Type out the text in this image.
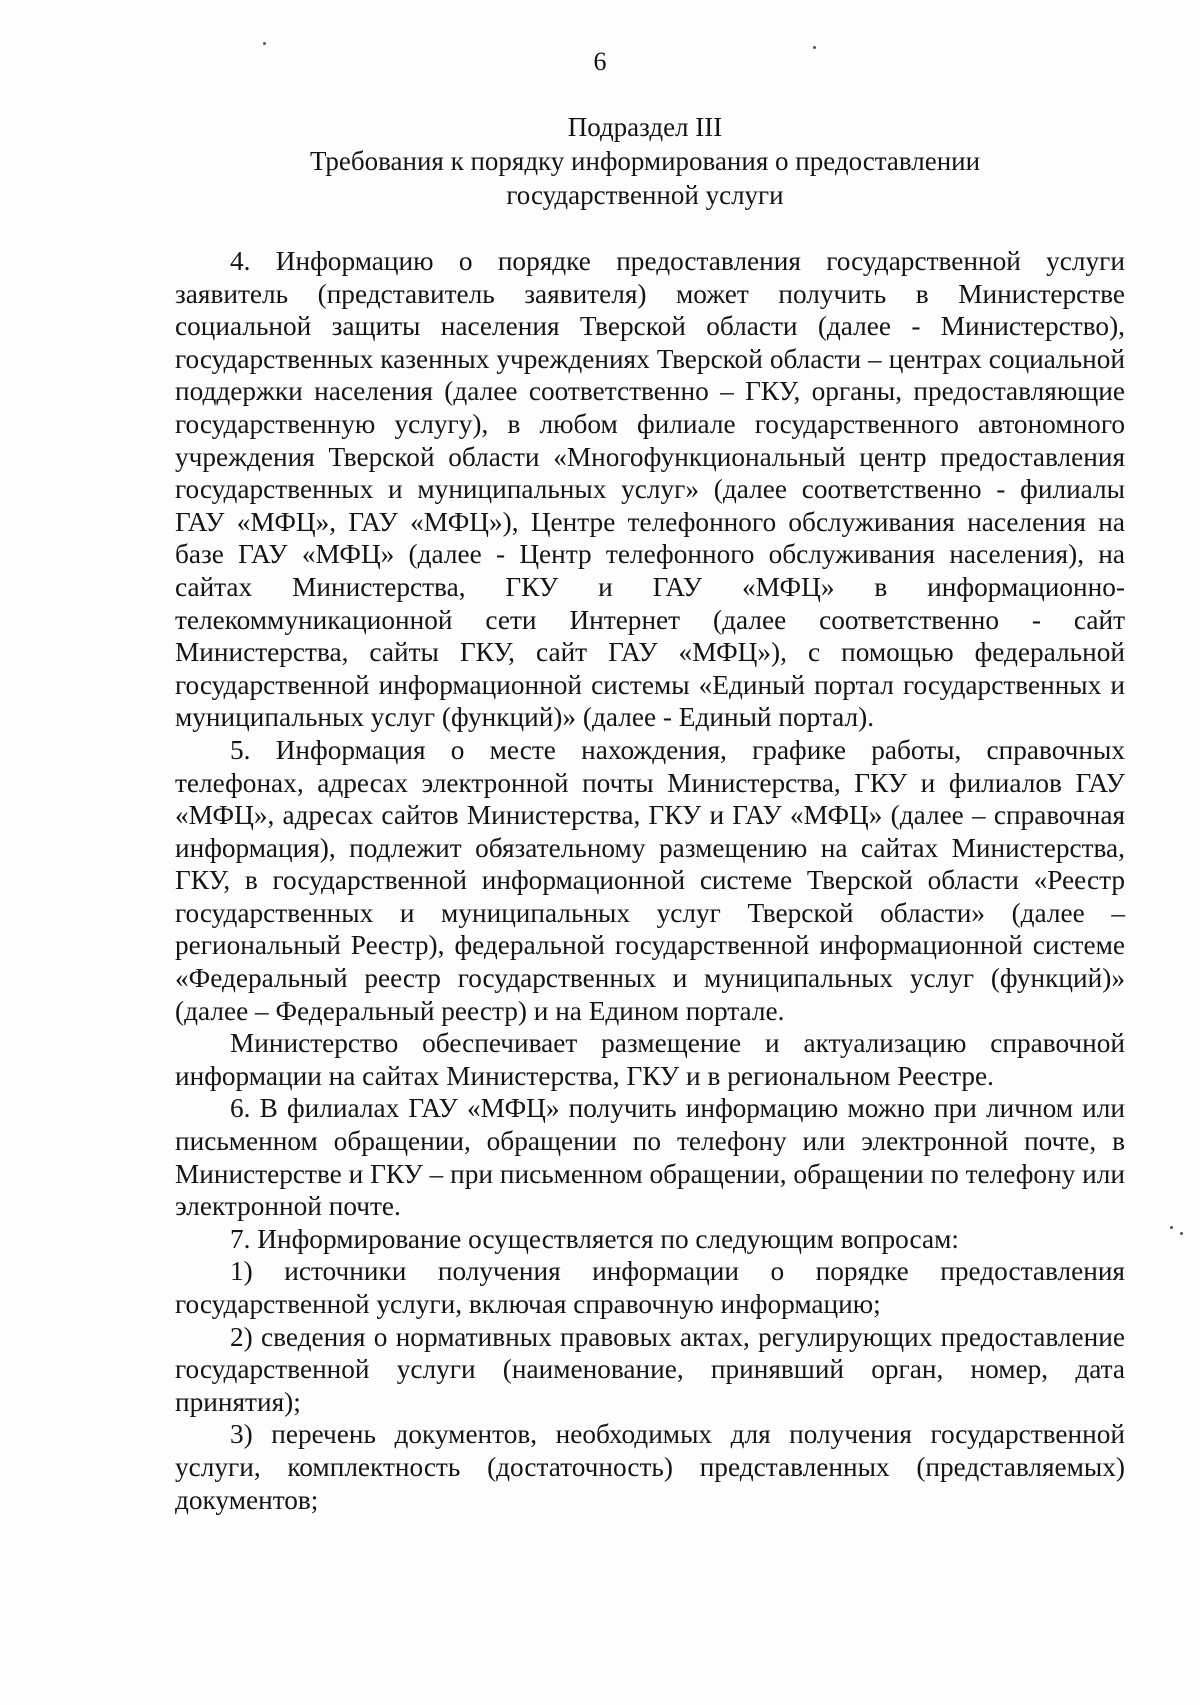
6
Подраздел III
Требования к порядку информирования о предоставлении
государственной услуги

4. Информацию о порядке предоставления государственной услуги заявитель (представитель заявителя) может получить в Министерстве социальной защиты населения Тверской области (далее - Министерство), государственных казенных учреждениях Тверской области – центрах социальной поддержки населения (далее соответственно – ГКУ, органы, предоставляющие государственную услугу), в любом филиале государственного автономного учреждения Тверской области «Многофункциональный центр предоставления государственных и муниципальных услуг» (далее соответственно - филиалы ГАУ «МФЦ», ГАУ «МФЦ»), Центре телефонного обслуживания населения на базе ГАУ «МФЦ» (далее - Центр телефонного обслуживания населения), на сайтах Министерства, ГКУ и ГАУ «МФЦ» в информационно-телекоммуникационной сети Интернет (далее соответственно - сайт Министерства, сайты ГКУ, сайт ГАУ «МФЦ»), с помощью федеральной государственной информационной системы «Единый портал государственных и муниципальных услуг (функций)» (далее - Единый портал).

5. Информация о месте нахождения, графике работы, справочных телефонах, адресах электронной почты Министерства, ГКУ и филиалов ГАУ «МФЦ», адресах сайтов Министерства, ГКУ и ГАУ «МФЦ» (далее – справочная информация), подлежит обязательному размещению на сайтах Министерства, ГКУ, в государственной информационной системе Тверской области «Реестр государственных и муниципальных услуг Тверской области» (далее – региональный Реестр), федеральной государственной информационной системе «Федеральный реестр государственных и муниципальных услуг (функций)» (далее – Федеральный реестр) и на Едином портале.

Министерство обеспечивает размещение и актуализацию справочной информации на сайтах Министерства, ГКУ и в региональном Реестре.

6. В филиалах ГАУ «МФЦ» получить информацию можно при личном или письменном обращении, обращении по телефону или электронной почте, в Министерстве и ГКУ – при письменном обращении, обращении по телефону или электронной почте.

7. Информирование осуществляется по следующим вопросам:

1) источники получения информации о порядке предоставления государственной услуги, включая справочную информацию;

2) сведения о нормативных правовых актах, регулирующих предоставление государственной услуги (наименование, принявший орган, номер, дата принятия);

3) перечень документов, необходимых для получения государственной услуги, комплектность (достаточность) представленных (представляемых) документов;
